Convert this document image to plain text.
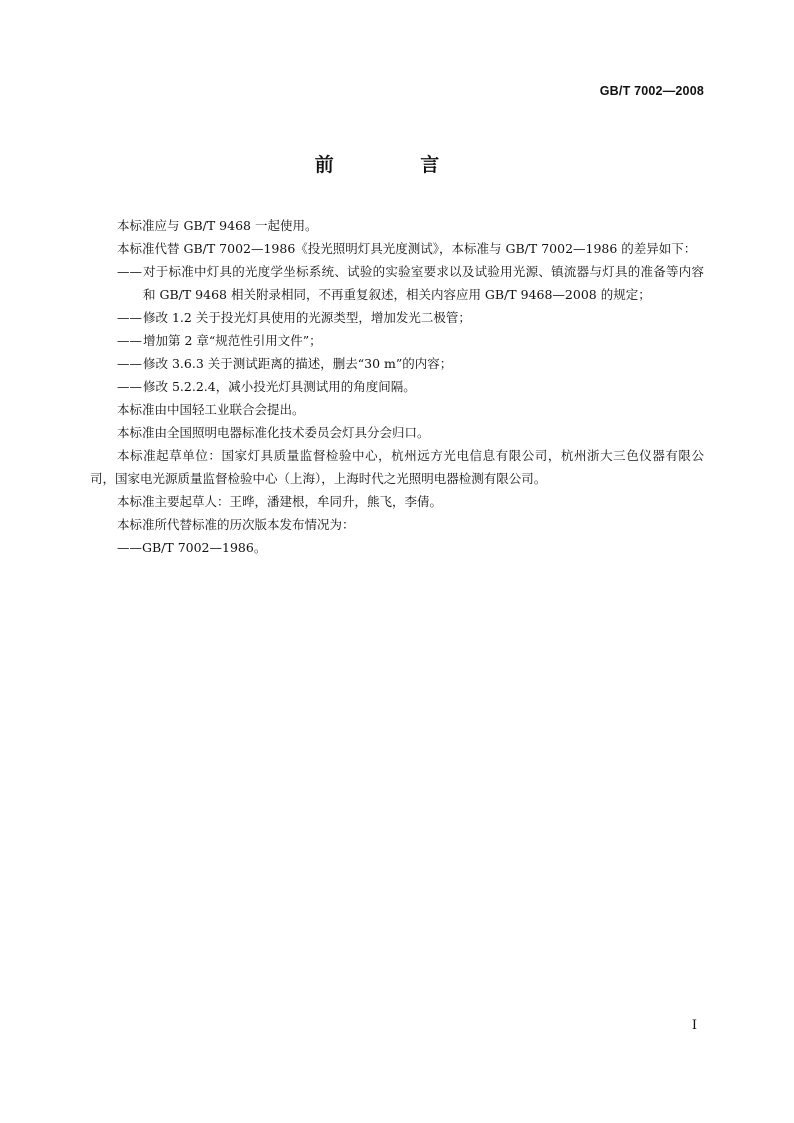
GB/T 7002—2008
前 言

本标准应与 GB/T 9468 一起使用。

本标准代替 GB/T 7002—1986《投光照明灯具光度测试》，本标准与 GB/T 7002—1986 的差异如下：

—— 对于标准中灯具的光度学坐标系统、试验的实验室要求以及试验用光源、镇流器与灯具的准备等内容和 GB/T 9468 相关附录相同，不再重复叙述，相关内容应用 GB/T 9468—2008 的规定；

—— 修改 1.2 关于投光灯具使用的光源类型，增加发光二极管；

—— 增加第 2 章“规范性引用文件”；

—— 修改 3.6.3 关于测试距离的描述，删去“30 m”的内容；

—— 修改 5.2.2.4，减小投光灯具测试用的角度间隔。

本标准由中国轻工业联合会提出。

本标准由全国照明电器标准化技术委员会灯具分会归口。

本标准起草单位：国家灯具质量监督检验中心，杭州远方光电信息有限公司，杭州浙大三色仪器有限公司，国家电光源质量监督检验中心（上海），上海时代之光照明电器检测有限公司。

本标准主要起草人：王晔，潘建根，牟同升，熊飞，李倩。

本标准所代替标准的历次版本发布情况为：

——GB/T 7002—1986。

I
